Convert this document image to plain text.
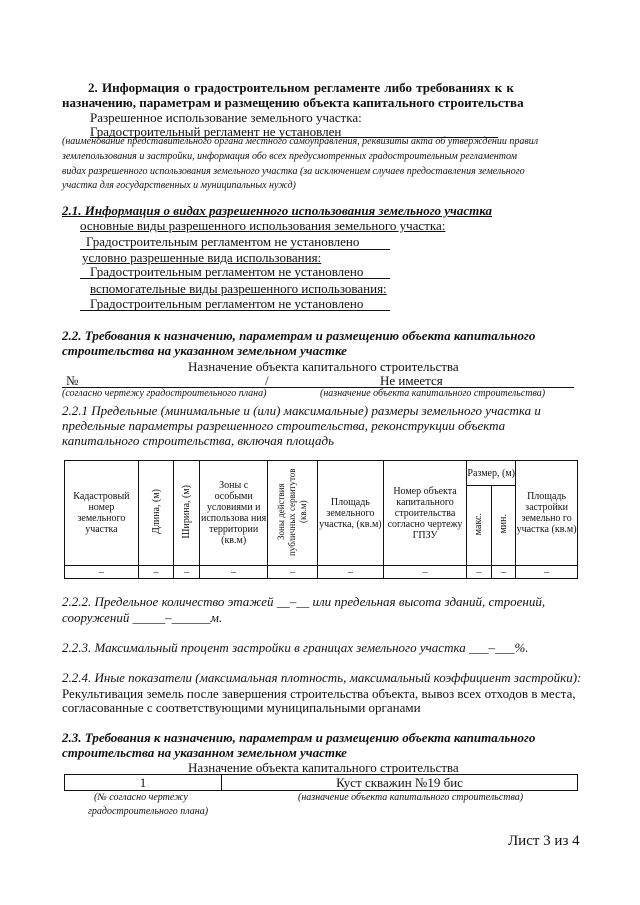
2. Информация о градостроительном регламенте либо требованиях к к
назначению, параметрам и размещению объекта капитального строительства
Разрешенное использование земельного участка:
Градостроительный регламент не установлен
(наименование представительного органа местного самоуправления, реквизиты акта об утверждении правил
землепользования и застройки, информация обо всех предусмотренных градостроительным регламентом
видах разрешенного использования земельного участка (за исключением случаев предоставления земельного
участка для государственных и муниципальных нужд)
2.1. Информация о видах разрешенного использования земельного участка
основные виды разрешенного использования земельного участка:
Градостроительным регламентом не установлено
условно разрешенные вида использования:
Градостроительным регламентом не установлено
вспомогательные виды разрешенного использования:
Градостроительным регламентом не установлено
2.2. Требования к назначению, параметрам и размещению объекта капитального
строительства на указанном земельном участке
Назначение объекта капитального строительства
№	/	Не имеется
(согласно чертежу градостроительного плана)	(назначение объекта капитального строительства)
2.2.1 Предельные (минимальные и (или) максимальные) размеры земельного участка и
предельные параметры разрешенного строительства, реконструкции объекта
капитального строительства, включая площадь
Кадастровый номер земельного участка	Длина, (м)	Ширина, (м)	Зоны с особыми условиями и использова ния территории (кв.м)	Зоны действия публичных сервитутов (кв.м)	Площадь земельного участка, (кв.м)	Номер объекта капитального строительства согласно чертежу ГПЗУ	Размер, (м)		Площадь застройки земельно го участка (кв.м)
							макс.	мин.	
–	–	–	–	–	–	–	–	–	–
2.2.2. Предельное количество этажей __–__ или предельная высота зданий, строений,
сооружений _____–______м.
2.2.3. Максимальный процент застройки в границах земельного участка ___–___%.
2.2.4. Иные показатели (максимальная плотность, максимальный коэффициент застройки):
Рекультивация земель после завершения строительства объекта, вывоз всех отходов в места,
согласованные с соответствующими муниципальными органами
2.3. Требования к назначению, параметрам и размещению объекта капитального
строительства на указанном земельном участке
Назначение объекта капитального строительства
1	Куст скважин №19 бис
(№ согласно чертежу
градостроительного плана)
(назначение объекта капитального строительства)
Лист 3 из 4
